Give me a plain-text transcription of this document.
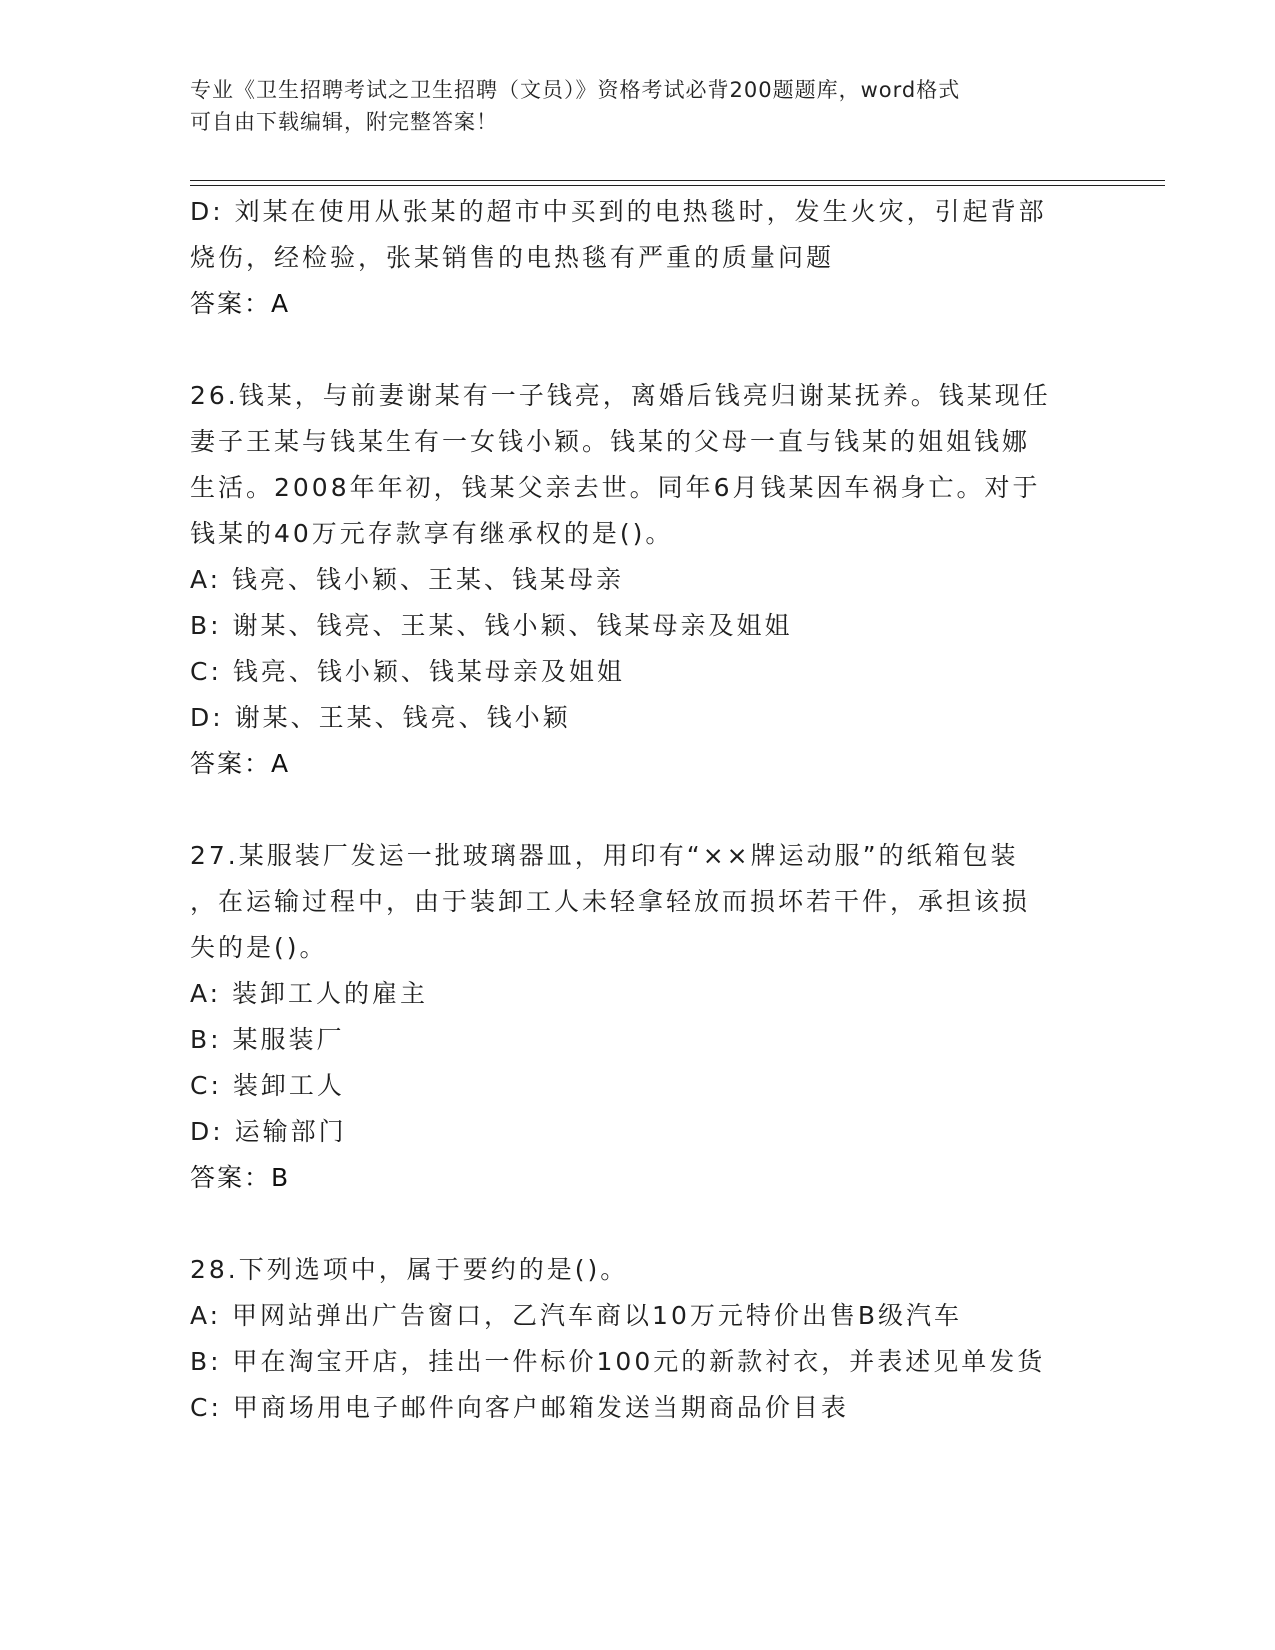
专业《卫生招聘考试之卫生招聘（文员）》资格考试必背200题题库，word格式
可自由下载编辑，附完整答案！
D: 刘某在使用从张某的超市中买到的电热毯时，发生火灾，引起背部
烧伤，经检验，张某销售的电热毯有严重的质量问题
答案：A
26.钱某，与前妻谢某有一子钱亮，离婚后钱亮归谢某抚养。钱某现任
妻子王某与钱某生有一女钱小颖。钱某的父母一直与钱某的姐姐钱娜
生活。2008年年初，钱某父亲去世。同年6月钱某因车祸身亡。对于
钱某的40万元存款享有继承权的是()。
A: 钱亮、钱小颖、王某、钱某母亲
B: 谢某、钱亮、王某、钱小颖、钱某母亲及姐姐
C: 钱亮、钱小颖、钱某母亲及姐姐
D: 谢某、王某、钱亮、钱小颖
答案：A
27.某服装厂发运一批玻璃器皿，用印有“××牌运动服”的纸箱包装
，在运输过程中，由于装卸工人未轻拿轻放而损坏若干件，承担该损
失的是()。
A: 装卸工人的雇主
B: 某服装厂
C: 装卸工人
D: 运输部门
答案：B
28.下列选项中，属于要约的是()。
A: 甲网站弹出广告窗口，乙汽车商以10万元特价出售B级汽车
B: 甲在淘宝开店，挂出一件标价100元的新款衬衣，并表述见单发货
C: 甲商场用电子邮件向客户邮箱发送当期商品价目表
